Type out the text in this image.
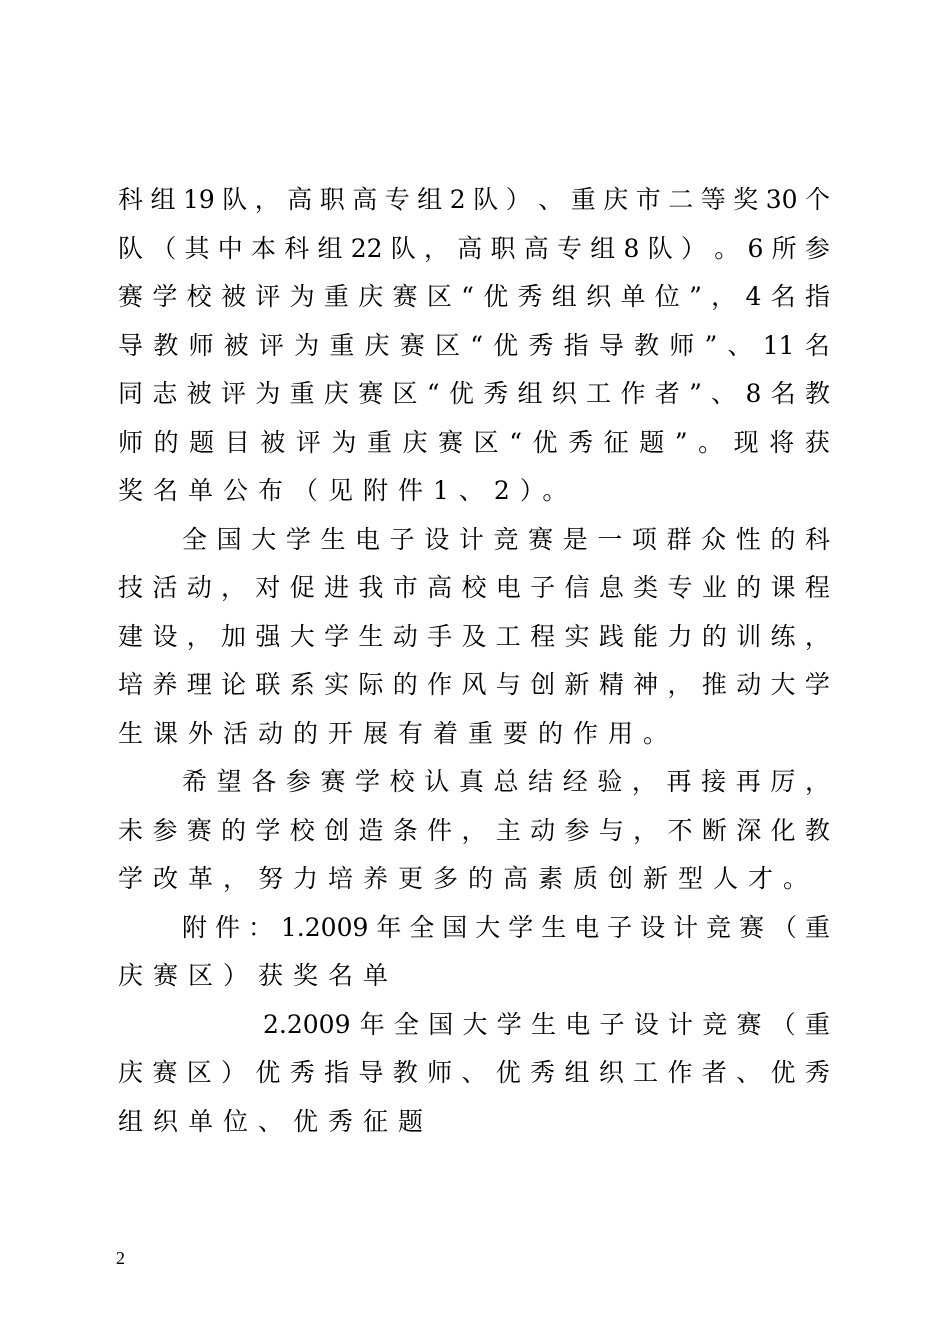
科 组 19 队 ， 高 职 高 专 组 2 队 ） 、 重 庆 市 二 等 奖 30 个
队 （ 其 中 本 科 组 22 队 ， 高 职 高 专 组 8 队 ） 。 6 所 参
赛 学 校 被 评 为 重 庆 赛 区 “ 优 秀 组 织 单 位 ” ， 4 名 指
导 教 师 被 评 为 重 庆 赛 区 “ 优 秀 指 导 教 师 ” 、 11 名
同 志 被 评 为 重 庆 赛 区 “ 优 秀 组 织 工 作 者 ” 、 8 名 教
师 的 题 目 被 评 为 重 庆 赛 区 “ 优 秀 征 题 ” 。 现 将 获
奖名单公布（见附件1、2）。
全 国 大 学 生 电 子 设 计 竞 赛 是 一 项 群 众 性 的 科
技 活 动 ， 对 促 进 我 市 高 校 电 子 信 息 类 专 业 的 课 程
建 设 ， 加 强 大 学 生 动 手 及 工 程 实 践 能 力 的 训 练 ，
培 养 理 论 联 系 实 际 的 作 风 与 创 新 精 神 ， 推 动 大 学
生课外活动的开展有着重要的作用。
希 望 各 参 赛 学 校 认 真 总 结 经 验 ， 再 接 再 厉 ，
未 参 赛 的 学 校 创 造 条 件 ， 主 动 参 与 ， 不 断 深 化 教
学改革，努力培养更多的高素质创新型人才。
附 件 ： 1.2009 年 全 国 大 学 生 电 子 设 计 竞 赛 （ 重
庆赛区）获奖名单
2.2009 年 全 国 大 学 生 电 子 设 计 竞 赛 （ 重
庆 赛 区 ） 优 秀 指 导 教 师 、 优 秀 组 织 工 作 者 、 优 秀
组织单位、优秀征题
2
